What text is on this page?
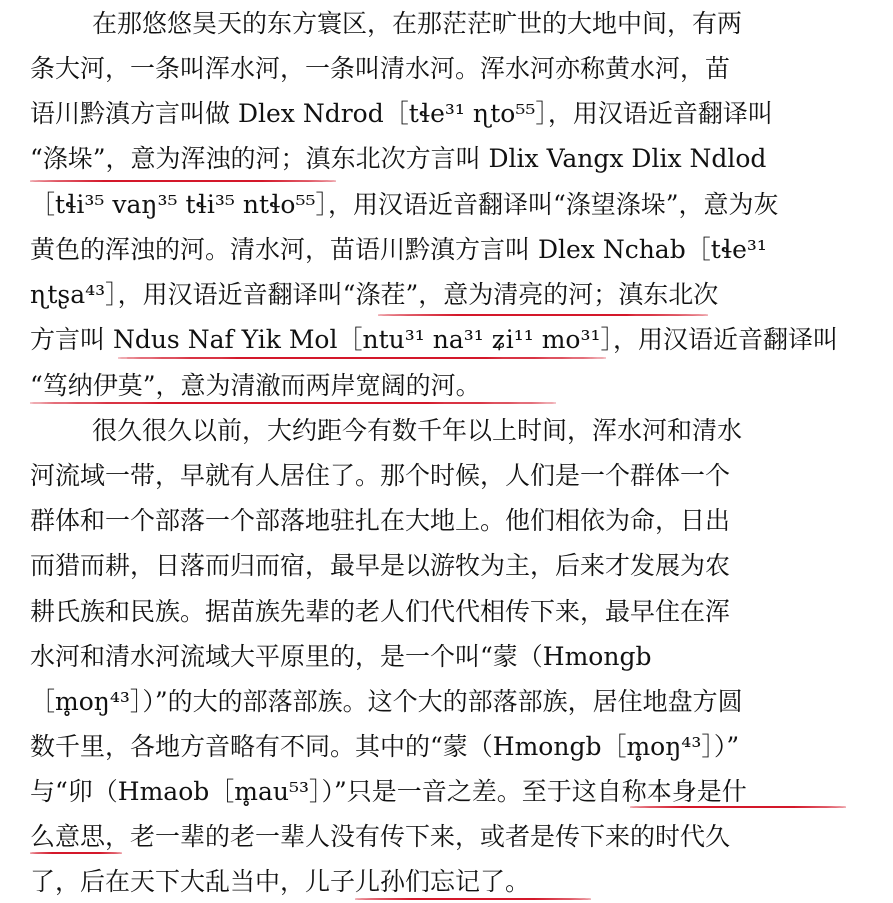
在那悠悠昊天的东方寰区，在那茫茫旷世的大地中间，有两
条大河，一条叫浑水河，一条叫清水河。浑水河亦称黄水河，苗
语川黔滇方言叫做 Dlex Ndrod［tɬe³¹ ɳto⁵⁵］，用汉语近音翻译叫
“涤垛”，意为浑浊的河；滇东北次方言叫 Dlix Vangx Dlix Ndlod
［tɬi³⁵ vaŋ³⁵ tɬi³⁵ ntɬo⁵⁵］，用汉语近音翻译叫“涤望涤垛”，意为灰
黄色的浑浊的河。清水河，苗语川黔滇方言叫 Dlex Nchab［tɬe³¹
ɳtʂa⁴³］，用汉语近音翻译叫“涤茬”，意为清亮的河；滇东北次
方言叫 Ndus Naf Yik Mol［ntu³¹ na³¹ ʑi¹¹ mo³¹］，用汉语近音翻译叫
“笃纳伊莫”，意为清澈而两岸宽阔的河。
很久很久以前，大约距今有数千年以上时间，浑水河和清水
河流域一带，早就有人居住了。那个时候，人们是一个群体一个
群体和一个部落一个部落地驻扎在大地上。他们相依为命，日出
而猎而耕，日落而归而宿，最早是以游牧为主，后来才发展为农
耕氏族和民族。据苗族先辈的老人们代代相传下来，最早住在浑
水河和清水河流域大平原里的，是一个叫“蒙（Hmongb
［m̥oŋ⁴³］）”的大的部落部族。这个大的部落部族，居住地盘方圆
数千里，各地方音略有不同。其中的“蒙（Hmongb［m̥oŋ⁴³］）”
与“卯（Hmaob［m̥au⁵³］）”只是一音之差。至于这自称本身是什
么意思，老一辈的老一辈人没有传下来，或者是传下来的时代久
了，后在天下大乱当中，儿子儿孙们忘记了。
